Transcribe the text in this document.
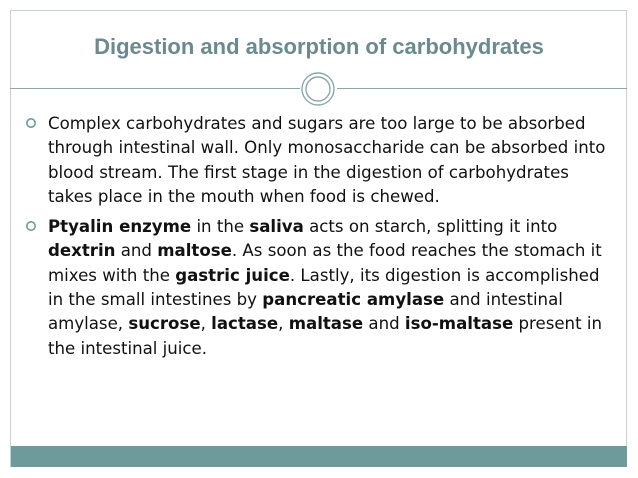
Digestion and absorption of carbohydrates

Complex carbohydrates and sugars are too large to be absorbed through intestinal wall. Only monosaccharide can be absorbed into blood stream. The first stage in the digestion of carbohydrates takes place in the mouth when food is chewed.

Ptyalin enzyme in the saliva acts on starch, splitting it into dextrin and maltose. As soon as the food reaches the stomach it mixes with the gastric juice. Lastly, its digestion is accomplished in the small intestines by pancreatic amylase and intestinal amylase, sucrose, lactase, maltase and iso-maltase present in the intestinal juice.
